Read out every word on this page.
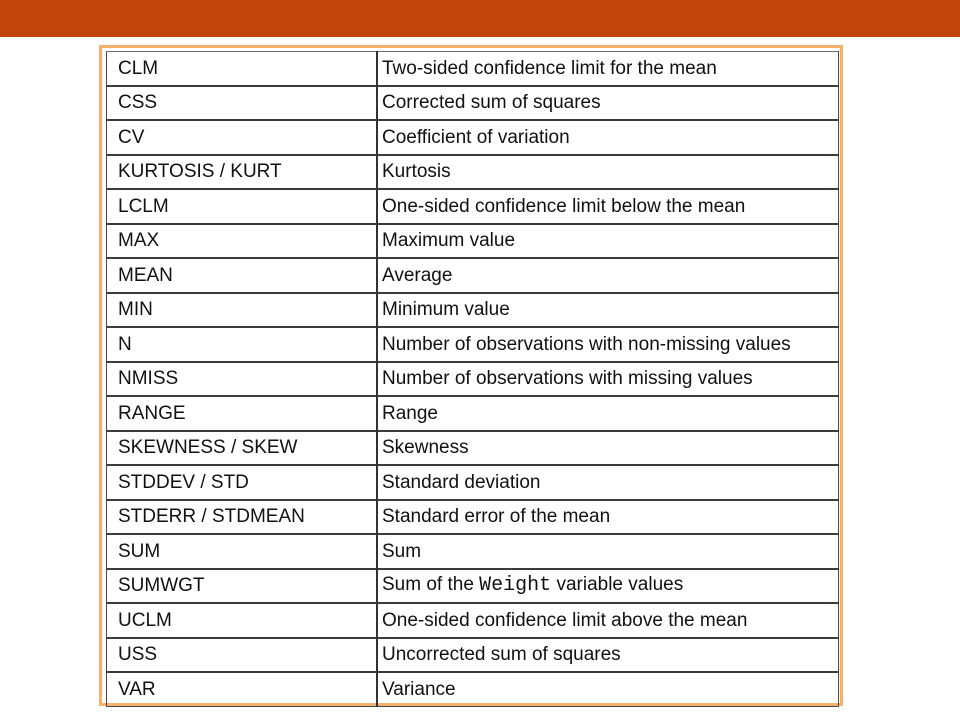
CLM	Two-sided confidence limit for the mean
CSS	Corrected sum of squares
CV	Coefficient of variation
KURTOSIS / KURT	Kurtosis
LCLM	One-sided confidence limit below the mean
MAX	Maximum value
MEAN	Average
MIN	Minimum value
N	Number of observations with non-missing values
NMISS	Number of observations with missing values
RANGE	Range
SKEWNESS / SKEW	Skewness
STDDEV / STD	Standard deviation
STDERR / STDMEAN	Standard error of the mean
SUM	Sum
SUMWGT	Sum of the Weight variable values
UCLM	One-sided confidence limit above the mean
USS	Uncorrected sum of squares
VAR	Variance
